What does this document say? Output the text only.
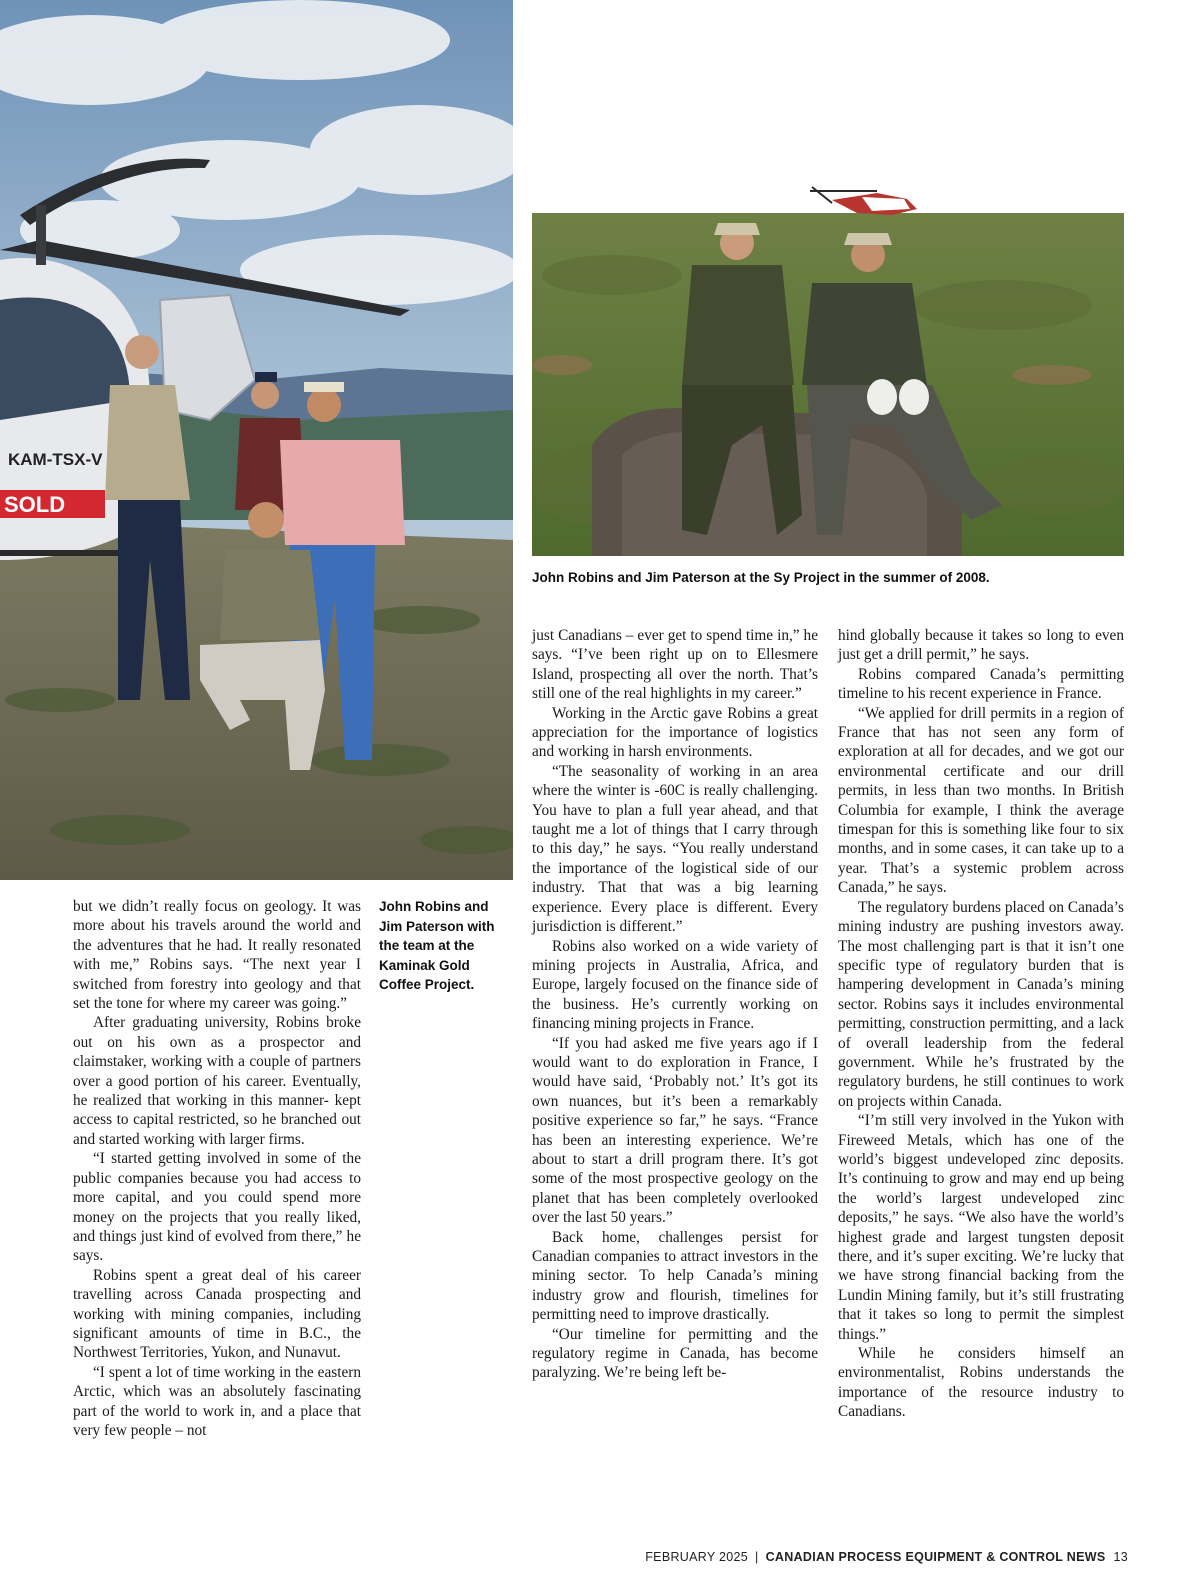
SOLD
KAM-TSX-V
John Robins and Jim Paterson at the Sy Project in the summer of 2008.
John Robins and Jim Paterson with the team at the Kaminak Gold Coffee Project.

but we didn’t really focus on geology. It was more about his travels around the world and the adventures that he had. It really resonated with me,” Robins says. “The next year I switched from forestry into geology and that set the tone for where my career was going.”

After graduating university, Robins broke out on his own as a prospector and claimstaker, working with a couple of partners over a good portion of his career. Eventually, he realized that working in this manner- kept access to capital restricted, so he branched out and started working with larger firms.

“I started getting involved in some of the public companies because you had access to more capital, and you could spend more money on the projects that you really liked, and things just kind of evolved from there,” he says.

Robins spent a great deal of his career travelling across Canada prospecting and working with mining companies, including significant amounts of time in B.C., the Northwest Territories, Yukon, and Nunavut.

“I spent a lot of time working in the eastern Arctic, which was an absolutely fascinating part of the world to work in, and a place that very few people – not

just Canadians – ever get to spend time in,” he says. “I’ve been right up on to Ellesmere Island, prospecting all over the north. That’s still one of the real highlights in my career.”

Working in the Arctic gave Robins a great appreciation for the importance of logistics and working in harsh environments.

“The seasonality of working in an area where the winter is -60C is really challenging. You have to plan a full year ahead, and that taught me a lot of things that I carry through to this day,” he says. “You really understand the importance of the logistical side of our industry. That that was a big learning experience. Every place is different. Every jurisdiction is different.”

Robins also worked on a wide variety of mining projects in Australia, Africa, and Europe, largely focused on the finance side of the business. He’s currently working on financing mining projects in France.

“If you had asked me five years ago if I would want to do exploration in France, I would have said, ‘Probably not.’ It’s got its own nuances, but it’s been a remarkably positive experience so far,” he says. “France has been an interesting experience. We’re about to start a drill program there. It’s got some of the most prospective geology on the planet that has been completely overlooked over the last 50 years.”

Back home, challenges persist for Canadian companies to attract investors in the mining sector. To help Canada’s mining industry grow and flourish, timelines for permitting need to improve drastically.

“Our timeline for permitting and the regulatory regime in Canada, has become paralyzing. We’re being left be-

hind globally because it takes so long to even just get a drill permit,” he says.

Robins compared Canada’s permitting timeline to his recent experience in France.

“We applied for drill permits in a region of France that has not seen any form of exploration at all for decades, and we got our environmental certificate and our drill permits, in less than two months. In British Columbia for example, I think the average timespan for this is something like four to six months, and in some cases, it can take up to a year. That’s a systemic problem across Canada,” he says.

The regulatory burdens placed on Canada’s mining industry are pushing investors away. The most challenging part is that it isn’t one specific type of regulatory burden that is hampering development in Canada’s mining sector. Robins says it includes environmental permitting, construction permitting, and a lack of overall leadership from the federal government. While he’s frustrated by the regulatory burdens, he still continues to work on projects within Canada.

“I’m still very involved in the Yukon with Fireweed Metals, which has one of the world’s biggest undeveloped zinc deposits. It’s continuing to grow and may end up being the world’s largest undeveloped zinc deposits,” he says. “We also have the world’s highest grade and largest tungsten deposit there, and it’s super exciting. We’re lucky that we have strong financial backing from the Lundin Mining family, but it’s still frustrating that it takes so long to permit the simplest things.”

While he considers himself an environmentalist, Robins understands the importance of the resource industry to Canadians.

FEBRUARY 2025 | CANADIAN PROCESS EQUIPMENT & CONTROL NEWS 13
